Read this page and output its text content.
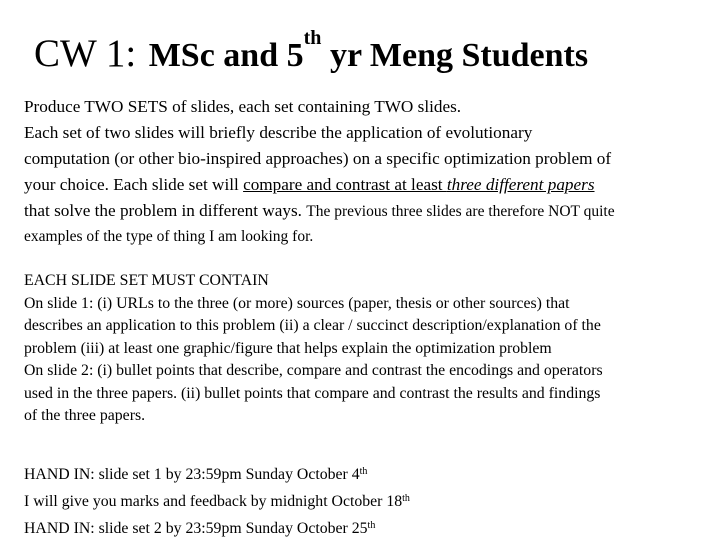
CW 1: MSc and 5th yr Meng Students
Produce TWO SETS of slides, each set containing TWO slides.
Each set of two slides will briefly describe the application of evolutionary
computation (or other bio-inspired approaches) on a specific optimization problem of
your choice. Each slide set will compare and contrast at least three different papers
that solve the problem in different ways. The previous three slides are therefore NOT quite
examples of the type of thing I am looking for.
EACH SLIDE SET MUST CONTAIN
On slide 1: (i) URLs to the three (or more) sources (paper, thesis or other sources) that
describes an application to this problem (ii) a clear / succinct description/explanation of the
problem (iii) at least one graphic/figure that helps explain the optimization problem
On slide 2: (i) bullet points that describe, compare and contrast the encodings and operators
used in the three papers. (ii) bullet points that compare and contrast the results and findings
of the three papers.
HAND IN: slide set 1 by 23:59pm Sunday October 4th
I will give you marks and feedback by midnight October 18th
HAND IN: slide set 2 by 23:59pm Sunday October 25th
